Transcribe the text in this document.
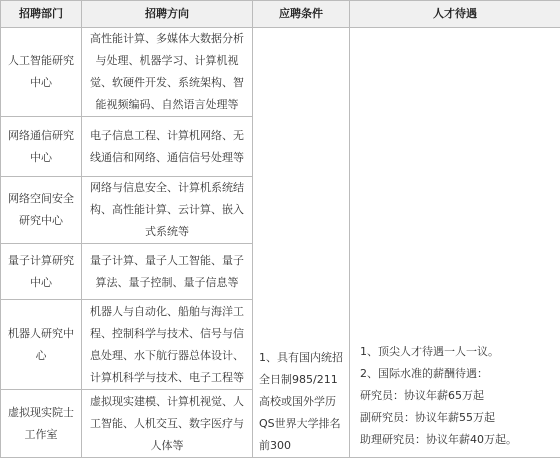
招聘部门	招聘方向	应聘条件	人才待遇
人工智能研究中心	高性能计算、多媒体大数据分析与处理、机器学习、计算机视觉、软硬件开发、系统架构、智能视频编码、自然语言处理等	1、具有国内统招全日制985/211高校或国外学历QS世界大学排名前300	1、顶尖人才待遇一人一议。
2、国际水准的薪酬待遇：
研究员：协议年薪65万起
副研究员：协议年薪55万起
助理研究员：协议年薪40万起。

网络通信研究中心	电子信息工程、计算机网络、无线通信和网络、通信信号处理等		
网络空间安全研究中心	网络与信息安全、计算机系统结构、高性能计算、云计算、嵌入式系统等		
量子计算研究中心	量子计算、量子人工智能、量子算法、量子控制、量子信息等		
机器人研究中心	机器人与自动化、船舶与海洋工程、控制科学与技术、信号与信息处理、水下航行器总体设计、计算机科学与技术、电子工程等		
虚拟现实院士工作室	虚拟现实建模、计算机视觉、人工智能、人机交互、数字医疗与人体等		
